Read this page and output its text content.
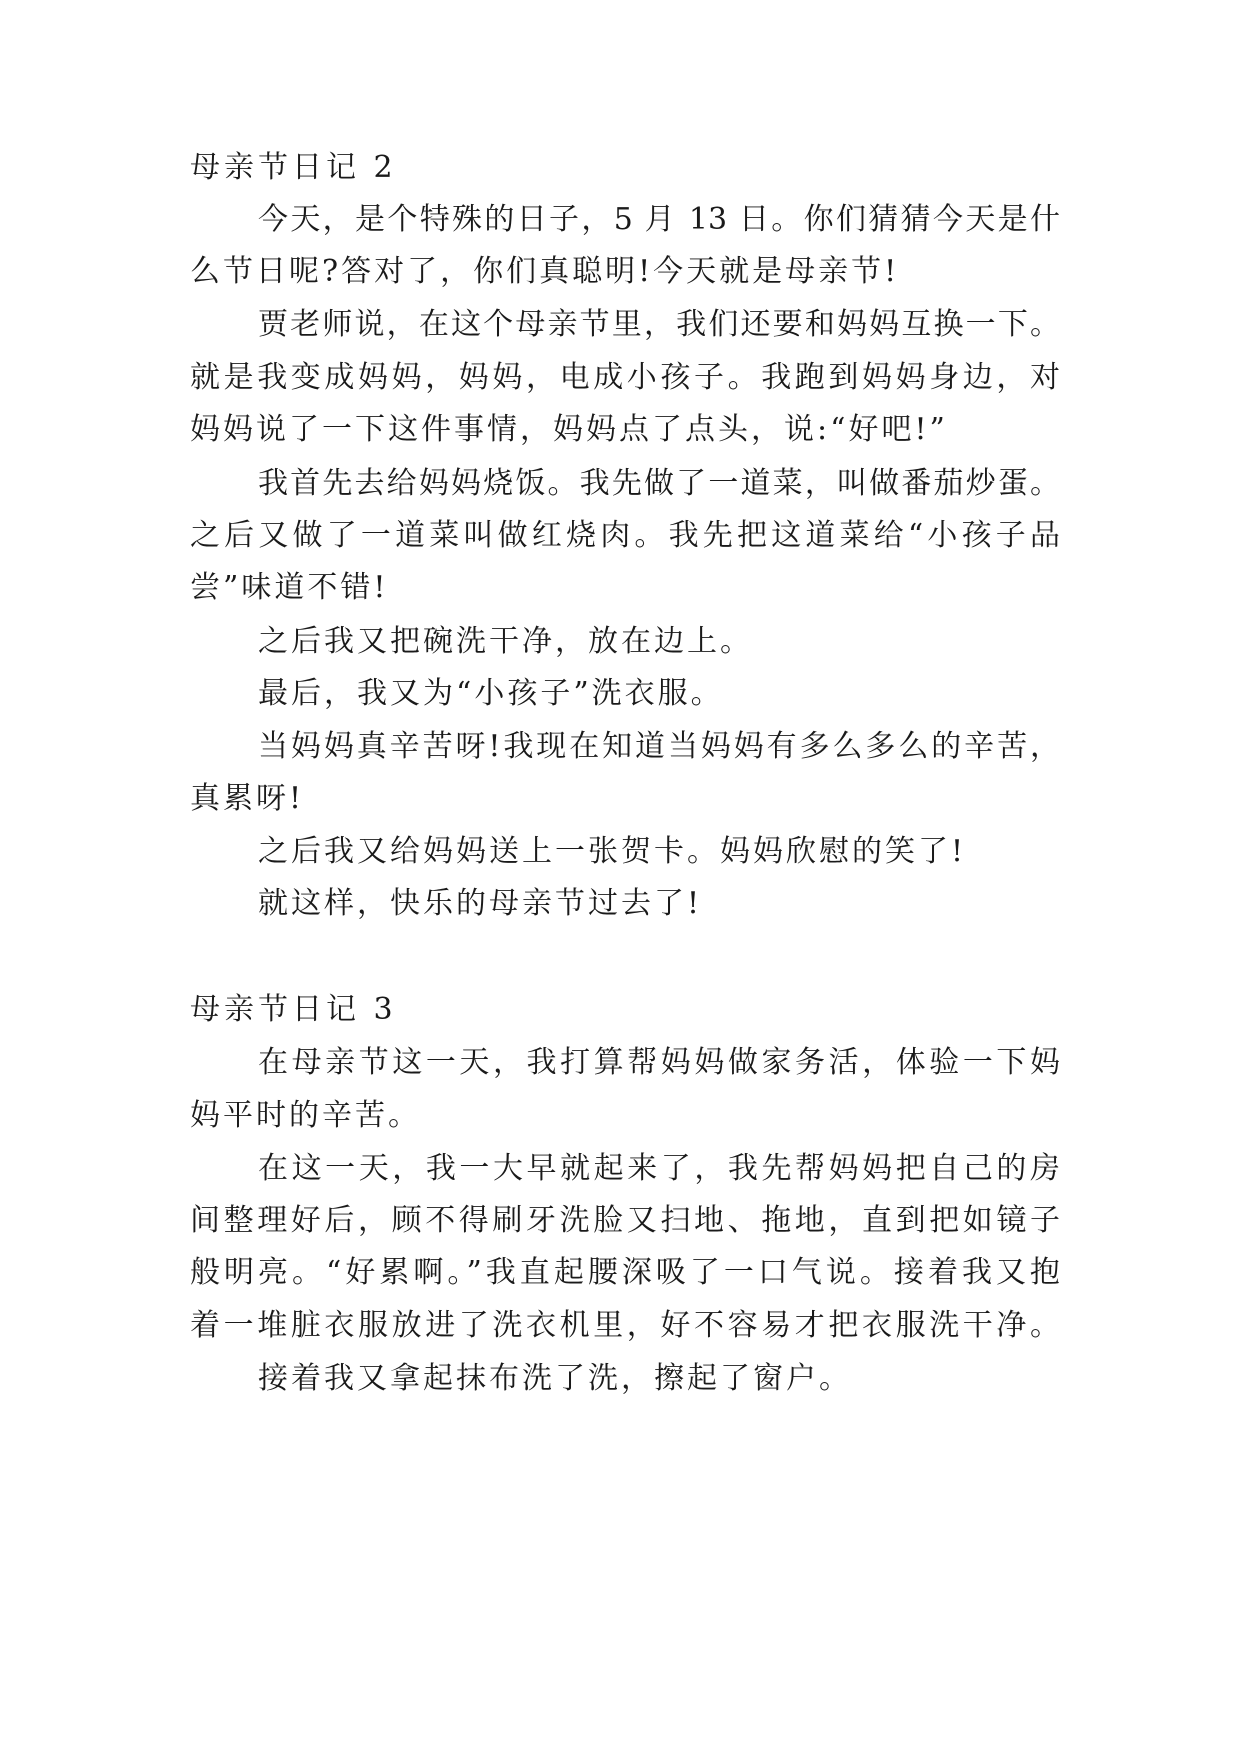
母亲节日记 2
今天，是个特殊的日子，5 月 13 日。你们猜猜今天是什
么节日呢?答对了，你们真聪明!今天就是母亲节!
贾老师说，在这个母亲节里，我们还要和妈妈互换一下。
就是我变成妈妈，妈妈，电成小孩子。我跑到妈妈身边，对
妈妈说了一下这件事情，妈妈点了点头，说:“好吧!”
我首先去给妈妈烧饭。我先做了一道菜，叫做番茄炒蛋。
之后又做了一道菜叫做红烧肉。我先把这道菜给“小孩子品
尝”味道不错!
之后我又把碗洗干净，放在边上。
最后，我又为“小孩子”洗衣服。
当妈妈真辛苦呀!我现在知道当妈妈有多么多么的辛苦，
真累呀!
之后我又给妈妈送上一张贺卡。妈妈欣慰的笑了!
就这样，快乐的母亲节过去了!
母亲节日记 3
在母亲节这一天，我打算帮妈妈做家务活，体验一下妈
妈平时的辛苦。
在这一天，我一大早就起来了，我先帮妈妈把自己的房
间整理好后，顾不得刷牙洗脸又扫地、拖地，直到把如镜子
般明亮。“好累啊。”我直起腰深吸了一口气说。接着我又抱
着一堆脏衣服放进了洗衣机里，好不容易才把衣服洗干净。
接着我又拿起抹布洗了洗，擦起了窗户。
